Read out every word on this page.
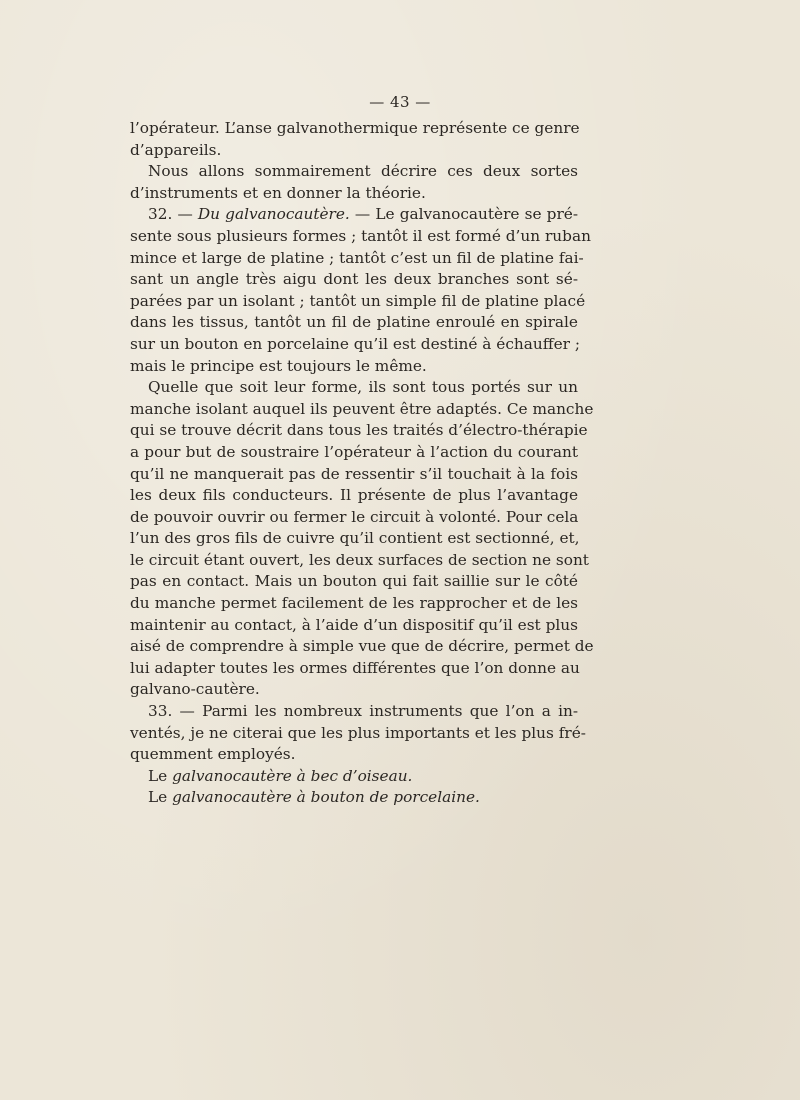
— 43 —
l’opérateur. L’anse galvanothermique représente ce genre
d’appareils.
Nous allons sommairement décrire ces deux sortes
d’instruments et en donner la théorie.
32. — Du galvanocautère. — Le galvanocautère se pré-
sente sous plusieurs formes ; tantôt il est formé d’un ruban
mince et large de platine ; tantôt c’est un fil de platine fai-
sant un angle très aigu dont les deux branches sont sé-
parées par un isolant ; tantôt un simple fil de platine placé
dans les tissus, tantôt un fil de platine enroulé en spirale
sur un bouton en porcelaine qu’il est destiné à échauffer ;
mais le principe est toujours le même.
Quelle que soit leur forme, ils sont tous portés sur un
manche isolant auquel ils peuvent être adaptés. Ce manche
qui se trouve décrit dans tous les traités d’électro-thérapie
a pour but de soustraire l’opérateur à l’action du courant
qu’il ne manquerait pas de ressentir s’il touchait à la fois
les deux fils conducteurs. Il présente de plus l’avantage
de pouvoir ouvrir ou fermer le circuit à volonté. Pour cela
l’un des gros fils de cuivre qu’il contient est sectionné, et,
le circuit étant ouvert, les deux surfaces de section ne sont
pas en contact. Mais un bouton qui fait saillie sur le côté
du manche permet facilement de les rapprocher et de les
maintenir au contact, à l’aide d’un dispositif qu’il est plus
aisé de comprendre à simple vue que de décrire, permet de
lui adapter toutes les ormes différentes que l’on donne au
galvano-cautère.
33. — Parmi les nombreux instruments que l’on a in-
ventés, je ne citerai que les plus importants et les plus fré-
quemment employés.
Le galvanocautère à bec d’oiseau.
Le galvanocautère à bouton de porcelaine.
